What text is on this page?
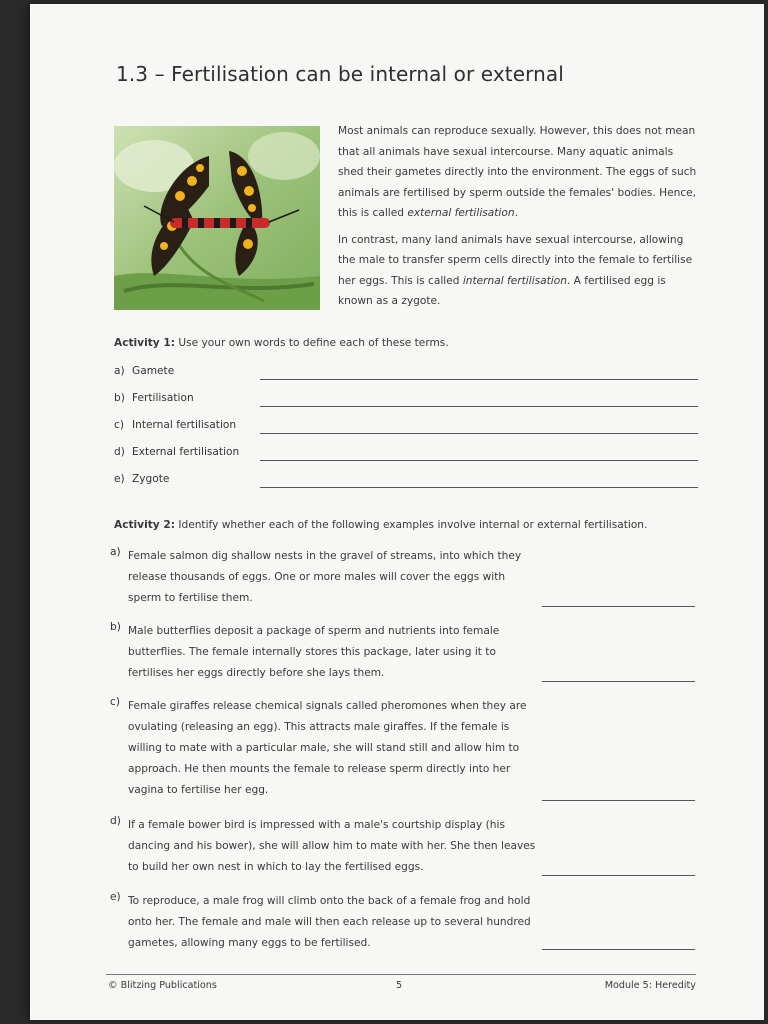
1.3 – Fertilisation can be internal or external

Most animals can reproduce sexually. However, this does not mean that all animals have sexual intercourse. Many aquatic animals shed their gametes directly into the environment. The eggs of such animals are fertilised by sperm outside the females' bodies. Hence, this is called external fertilisation.

In contrast, many land animals have sexual intercourse, allowing the male to transfer sperm cells directly into the female to fertilise her eggs. This is called internal fertilisation. A fertilised egg is known as a zygote.

Activity 1: Use your own words to define each of these terms.
a) Gamete
b) Fertilisation
c) Internal fertilisation
d) External fertilisation
e) Zygote
Activity 2: Identify whether each of the following examples involve internal or external fertilisation.
a) Female salmon dig shallow nests in the gravel of streams, into which they release thousands of eggs. One or more males will cover the eggs with sperm to fertilise them.
b) Male butterflies deposit a package of sperm and nutrients into female butterflies. The female internally stores this package, later using it to fertilises her eggs directly before she lays them.
c) Female giraffes release chemical signals called pheromones when they are ovulating (releasing an egg). This attracts male giraffes. If the female is willing to mate with a particular male, she will stand still and allow him to approach. He then mounts the female to release sperm directly into her vagina to fertilise her egg.
d) If a female bower bird is impressed with a male's courtship display (his dancing and his bower), she will allow him to mate with her. She then leaves to build her own nest in which to lay the fertilised eggs.
e) To reproduce, a male frog will climb onto the back of a female frog and hold onto her. The female and male will then each release up to several hundred gametes, allowing many eggs to be fertilised.
© Blitzing Publications	5	Module 5: Heredity
